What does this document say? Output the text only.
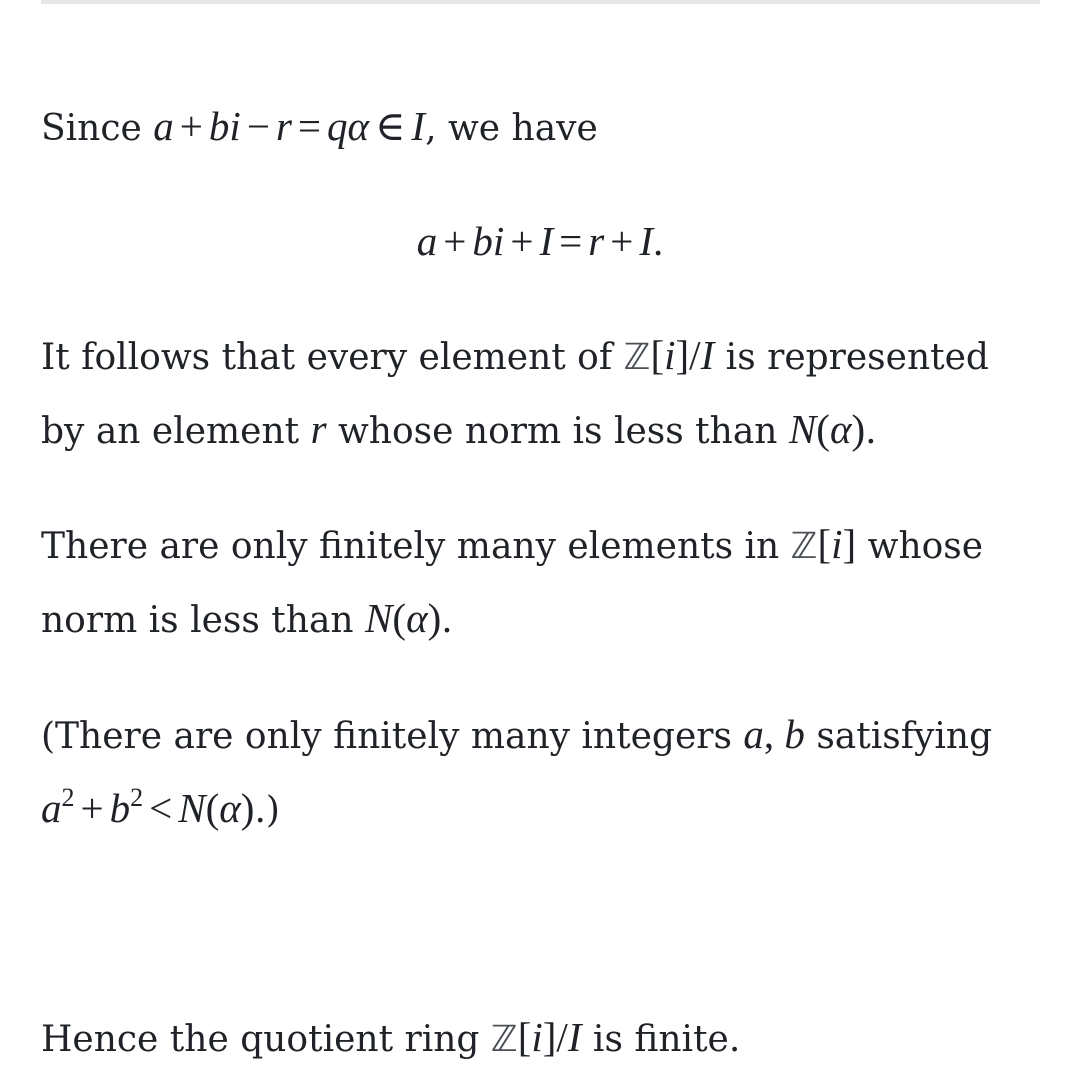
Since a + bi − r = qα ∈ I, we have
a + bi + I = r + I.
It follows that every element of ℤ[i]/I is represented
by an element r whose norm is less than N(α).
There are only finitely many elements in ℤ[i] whose
norm is less than N(α).
(There are only finitely many integers a, b satisfying
$a^2 + b^2 < N(\alpha)$.)
Hence the quotient ring ℤ[i]/I is finite.
